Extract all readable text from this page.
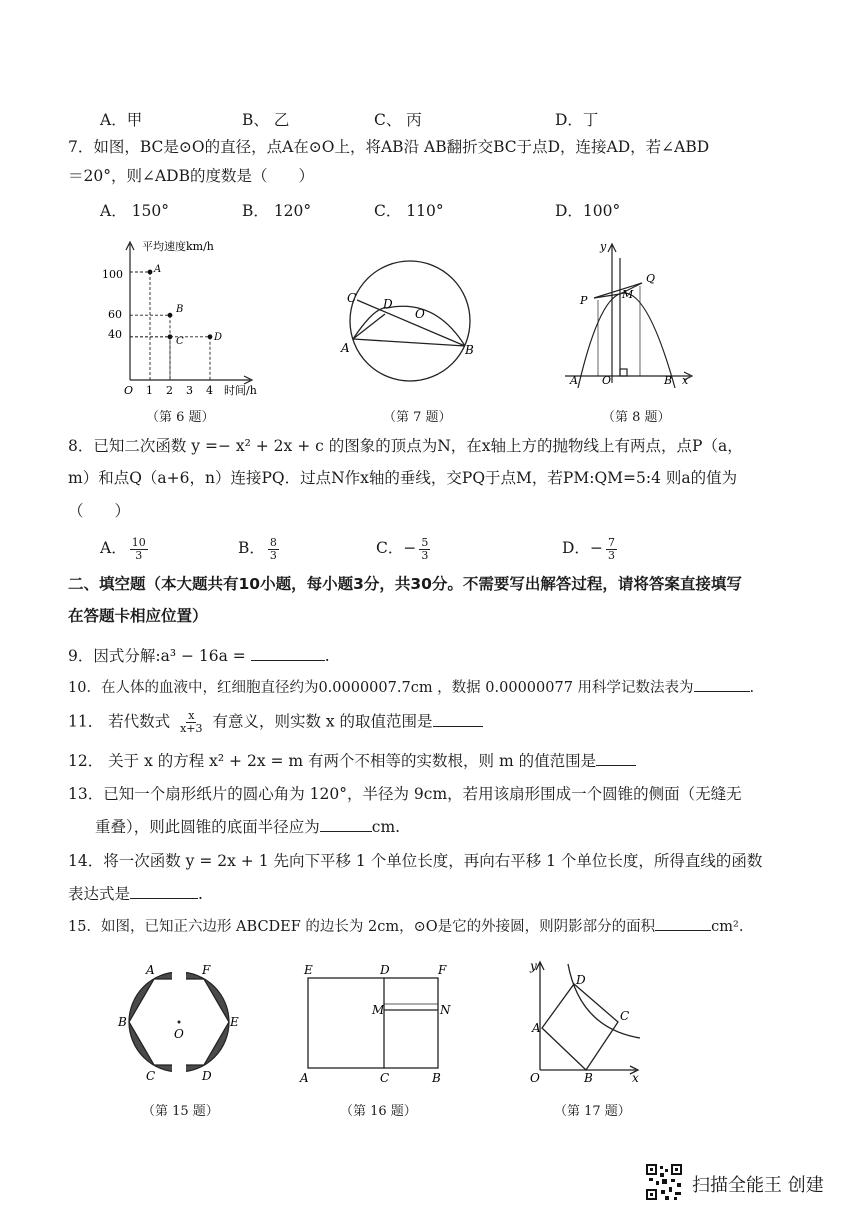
A．甲	B、 乙	C、 丙	D．丁
7．如图，BC是⊙O的直径，点A在⊙O上，将AB沿 AB翻折交BC于点D，连接AD，若∠ABD
＝20°，则∠ADB的度数是（　　）
A． 150°	B． 120°	C． 110°	D．100°
平均速度km/h
100
60
40
O 1 2 3 4 时间/h
A
B
C	D
（第 6 题）
C D
O
A	B
（第 7 题）
y
P	M
Q
A O	B x
（第 8 题）
8．已知二次函数 y =− x² + 2x + c 的图象的顶点为N，在x轴上方的抛物线上有两点，点P（a，
m）和点Q（a+6，n）连接PQ．过点N作x轴的垂线，交PQ于点M，若PM:QM=5:4 则a的值为
（　　）
A． $\frac{10}{3}$	B． $\frac{8}{3}$	C．− $\frac{5}{3}$	D．− $\frac{7}{3}$
二、填空题（本大题共有10小题，每小题3分，共30分。不需要写出解答过程，请将答案直接填写
在答题卡相应位置）
9．因式分解:a³ − 16a =	.
10．在人体的血液中，红细胞直径约为0.0000007.7cm ，数据 0.00000077 用科学记数法表为	.
11． 若代数式 $\frac{x}{x+3}$ 有意义，则实数 x 的取值范围是
12． 关于 x 的方程 x² + 2x = m 有两个不相等的实数根，则 m 的值范围是
13．已知一个扇形纸片的圆心角为 120°，半径为 9cm，若用该扇形围成一个圆锥的侧面（无缝无
重叠），则此圆锥的底面半径应为	cm.
14．将一次函数 y = 2x + 1 先向下平移 1 个单位长度，再向右平移 1 个单位长度，所得直线的函数
表达式是	.
15．如图，已知正六边形 ABCDEF 的边长为 2cm，⊙O是它的外接圆，则阴影部分的面积	cm².
A	F
B	E
O
C	D
（第 15 题）
E	D	F
M	N
A	C	B
（第 16 题）
y
D
C
A
O	B	x
（第 17 题）
扫描全能王 创建
